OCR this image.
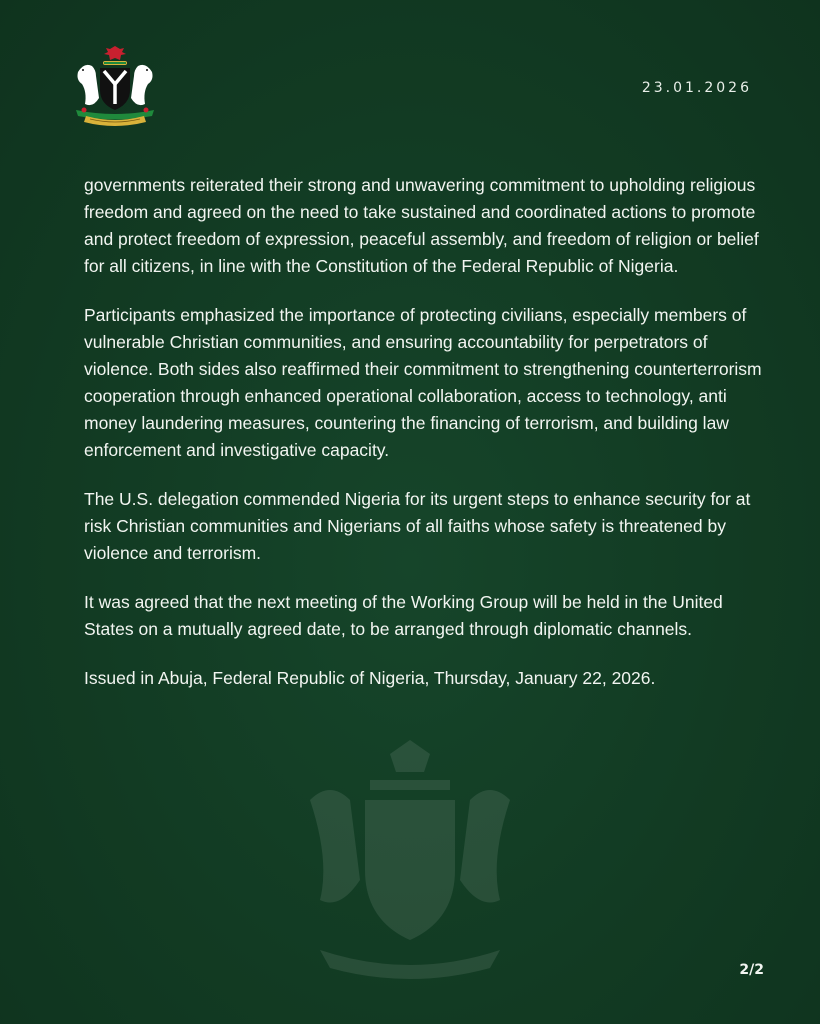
23.01.2026

governments reiterated their strong and unwavering commitment to upholding religious freedom and agreed on the need to take sustained and coordinated actions to promote and protect freedom of expression, peaceful assembly, and freedom of religion or belief for all citizens, in line with the Constitution of the Federal Republic of Nigeria.

Participants emphasized the importance of protecting civilians, especially members of vulnerable Christian communities, and ensuring accountability for perpetrators of violence. Both sides also reaffirmed their commitment to strengthening counterterrorism cooperation through enhanced operational collaboration, access to technology, anti money laundering measures, countering the financing of terrorism, and building law enforcement and investigative capacity.

The U.S. delegation commended Nigeria for its urgent steps to enhance security for at risk Christian communities and Nigerians of all faiths whose safety is threatened by violence and terrorism.

It was agreed that the next meeting of the Working Group will be held in the United States on a mutually agreed date, to be arranged through diplomatic channels.

Issued in Abuja, Federal Republic of Nigeria, Thursday, January 22, 2026.

2/2
